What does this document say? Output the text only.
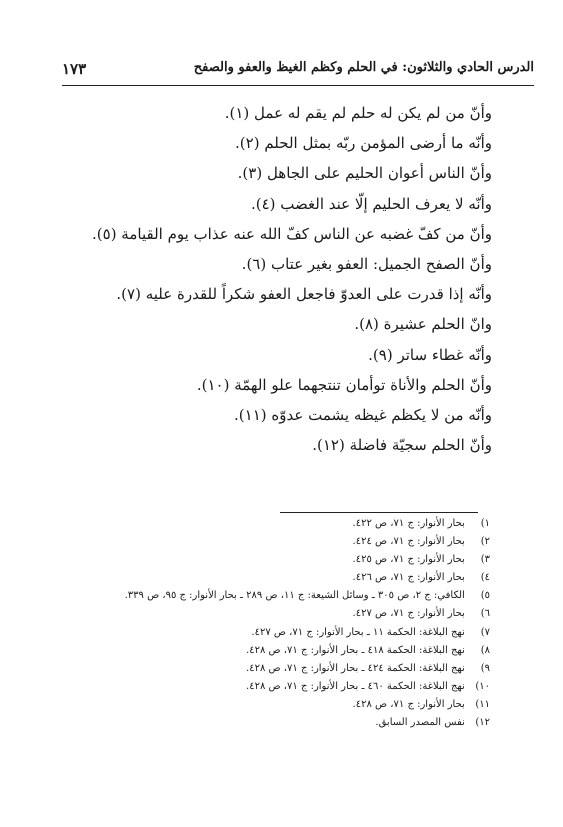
الدرس الحادي والثلاثون: في الحلم وكظم الغيظ والعفو والصفح
١٧٣
وأنّ من لم يكن له حلم لم يقم له عمل (١).
وأنّه ما أرضى المؤمن ربّه بمثل الحلم (٢).
وأنّ الناس أعوان الحليم على الجاهل (٣).
وأنّه لا يعرف الحليم إلّا عند الغضب (٤).
وأنّ من كفّ غضبه عن الناس كفّ الله عنه عذاب يوم القيامة (٥).
وأنّ الصفح الجميل: العفو بغير عتاب (٦).
وأنّه إذا قدرت على العدوّ فاجعل العفو شكراً للقدرة عليه (٧).
وانّ الحلم عشيرة (٨).
وأنّه غطاء ساتر (٩).
وأنّ الحلم والأناة توأمان تنتجهما علو الهمّة (١٠).
وأنّه من لا يكظم غيظه يشمت عدوّه (١١).
وأنّ الحلم سجيّة فاضلة (١٢).
١) بحار الأنوار: ج ٧١، ص ٤٢٢.
٢) بحار الأنوار: ج ٧١، ص ٤٢٤.
٣) بحار الأنوار: ج ٧١، ص ٤٢٥.
٤) بحار الأنوار: ج ٧١، ص ٤٢٦.
٥) الكافي: ج ٢، ص ٣٠٥ ـ وسائل الشيعة: ج ١١، ص ٢٨٩ ـ بحار الأنوار: ج ٩٥، ص ٣٣٩.
٦) بحار الأنوار: ج ٧١، ص ٤٢٧.
٧) نهج البلاغة: الحكمة ١١ ـ بحار الأنوار: ج ٧١، ص ٤٢٧.
٨) نهج البلاغة: الحكمة ٤١٨ ـ بحار الأنوار: ج ٧١، ص ٤٢٨.
٩) نهج البلاغة: الحكمة ٤٢٤ ـ بحار الأنوار: ج ٧١، ص ٤٢٨.
١٠) نهج البلاغة: الحكمة ٤٦٠ ـ بحار الأنوار: ج ٧١، ص ٤٢٨.
١١) بحار الأنوار: ج ٧١، ص ٤٢٨.
١٢) نفس المصدر السابق.
